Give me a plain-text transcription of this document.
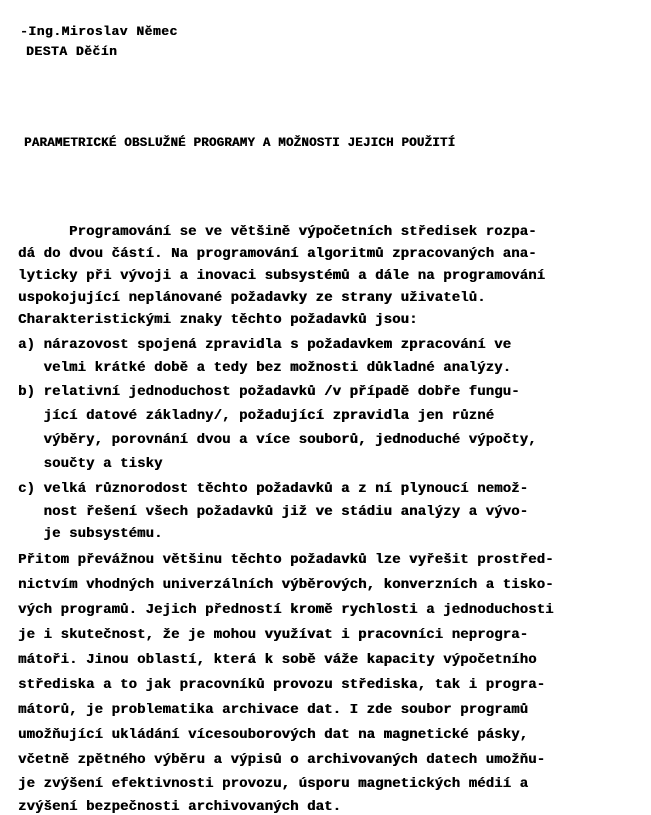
-Ing.Miroslav Němec
DESTA Děčín
PARAMETRICKÉ OBSLUŽNÉ PROGRAMY A MOŽNOSTI JEJICH POUŽITÍ
Programování se ve většině výpočetních středisek rozpa-
dá do dvou částí. Na programování algoritmů zpracovaných ana-
lyticky při vývoji a inovaci subsystémů a dále na programování
uspokojující neplánované požadavky ze strany uživatelů.
Charakteristickými znaky těchto požadavků jsou:
a) nárazovost spojená zpravidla s požadavkem zpracování ve
velmi krátké době a tedy bez možnosti důkladné analýzy.
b) relativní jednoduchost požadavků /v případě dobře fungu-
jící datové základny/, požadující zpravidla jen různé
výběry, porovnání dvou a více souborů, jednoduché výpočty,
součty a tisky
c) velká různorodost těchto požadavků a z ní plynoucí nemož-
nost řešení všech požadavků již ve stádiu analýzy a vývo-
je subsystému.
Přitom převážnou většinu těchto požadavků lze vyřešit prostřed-
nictvím vhodných univerzálních výběrových, konverzních a tisko-
vých programů. Jejich předností kromě rychlosti a jednoduchosti
je i skutečnost, že je mohou využívat i pracovníci neprogra-
mátoři. Jinou oblastí, která k sobě váže kapacity výpočetního
střediska a to jak pracovníků provozu střediska, tak i progra-
mátorů, je problematika archivace dat. I zde soubor programů
umožňující ukládání vícesouborových dat na magnetické pásky,
včetně zpětného výběru a výpisů o archivovaných datech umožňu-
je zvýšení efektivnosti provozu, úsporu magnetických médií a
zvýšení bezpečnosti archivovaných dat.
